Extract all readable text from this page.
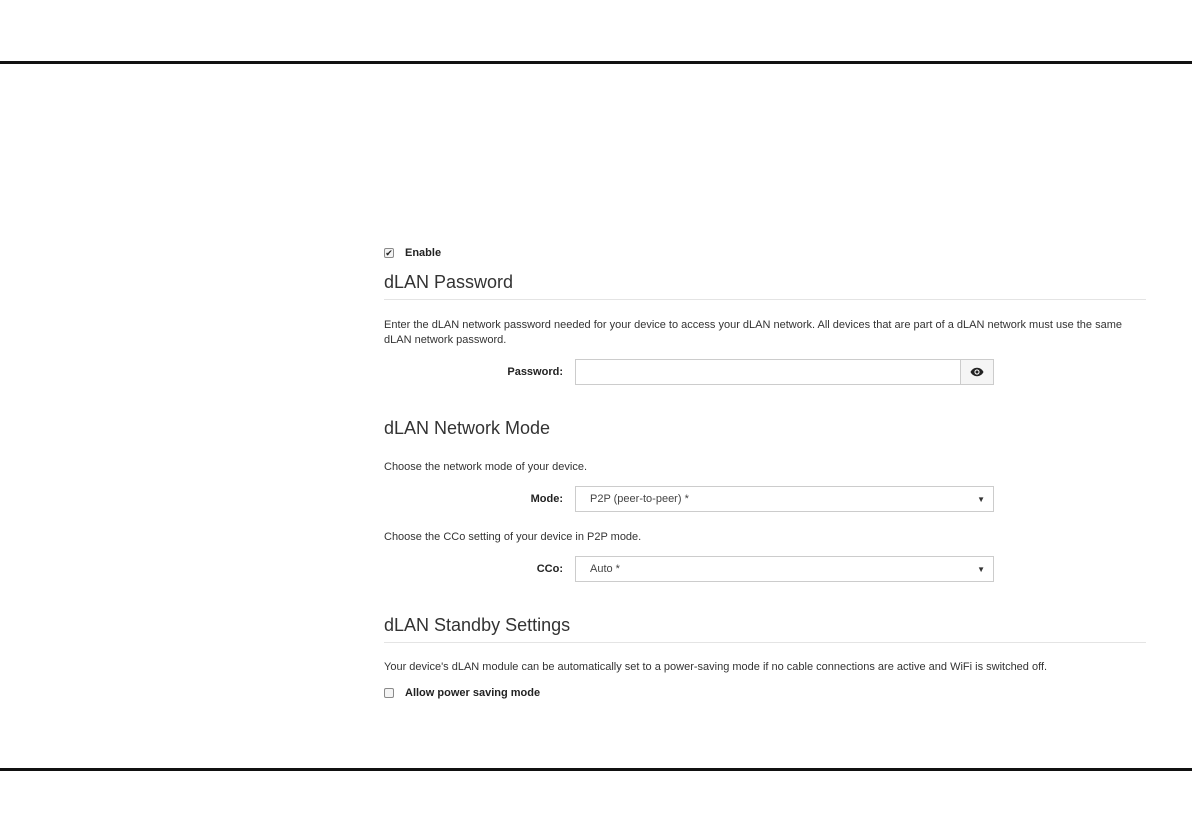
✔ Enable
dLAN Password
Enter the dLAN network password needed for your device to access your dLAN network. All devices that are part of a dLAN network must use the same dLAN network password.
Password:
dLAN Network Mode
Choose the network mode of your device.
Mode:	P2P (peer-to-peer) *	▼
Choose the CCo setting of your device in P2P mode.
CCo:	Auto *	▼
dLAN Standby Settings
Your device's dLAN module can be automatically set to a power-saving mode if no cable connections are active and WiFi is switched off.
Allow power saving mode
